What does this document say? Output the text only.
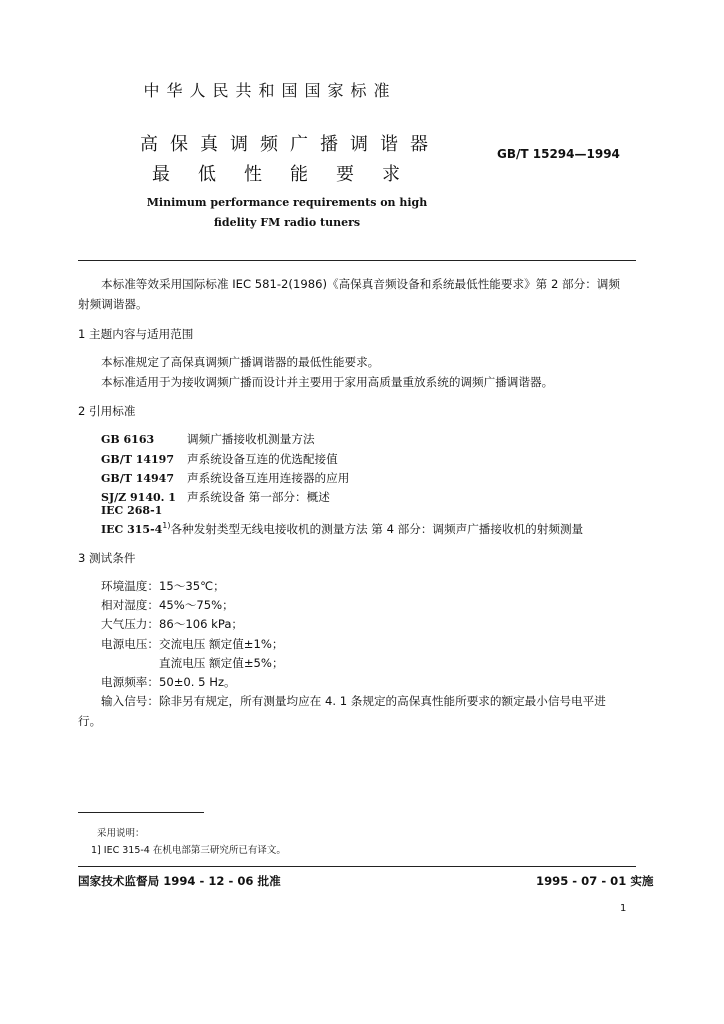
中华人民共和国国家标准
高保真调频广播调谐器
最低性能要求
GB/T 15294—1994
Minimum performance requirements on high
fidelity FM radio tuners
本标准等效采用国际标准 IEC 581-2(1986)《高保真音频设备和系统最低性能要求》第 2 部分：调频
射频调谐器。
1 主题内容与适用范围
本标准规定了高保真调频广播调谐器的最低性能要求。
本标准适用于为接收调频广播而设计并主要用于家用高质量重放系统的调频广播调谐器。
2 引用标准
GB 6163	调频广播接收机测量方法
GB/T 14197 声系统设备互连的优选配接值
GB/T 14947 声系统设备互连用连接器的应用
SJ/Z 9140. 1 声系统设备 第一部分：概述
IEC 268-1
IEC 315-4$^{1)}$各种发射类型无线电接收机的测量方法 第 4 部分：调频声广播接收机的射频测量
3 测试条件
环境温度：15～35℃；
相对湿度：45%～75%；
大气压力：86～106 kPa；
电源电压：交流电压 额定值±1%；
直流电压 额定值±5%；
电源频率：50±0. 5 Hz。
输入信号：除非另有规定，所有测量均应在 4. 1 条规定的高保真性能所要求的额定最小信号电平进
行。
采用说明：
1] IEC 315-4 在机电部第三研究所已有译文。
国家技术监督局 1994 - 12 - 06 批准	1995 - 07 - 01 实施
1
